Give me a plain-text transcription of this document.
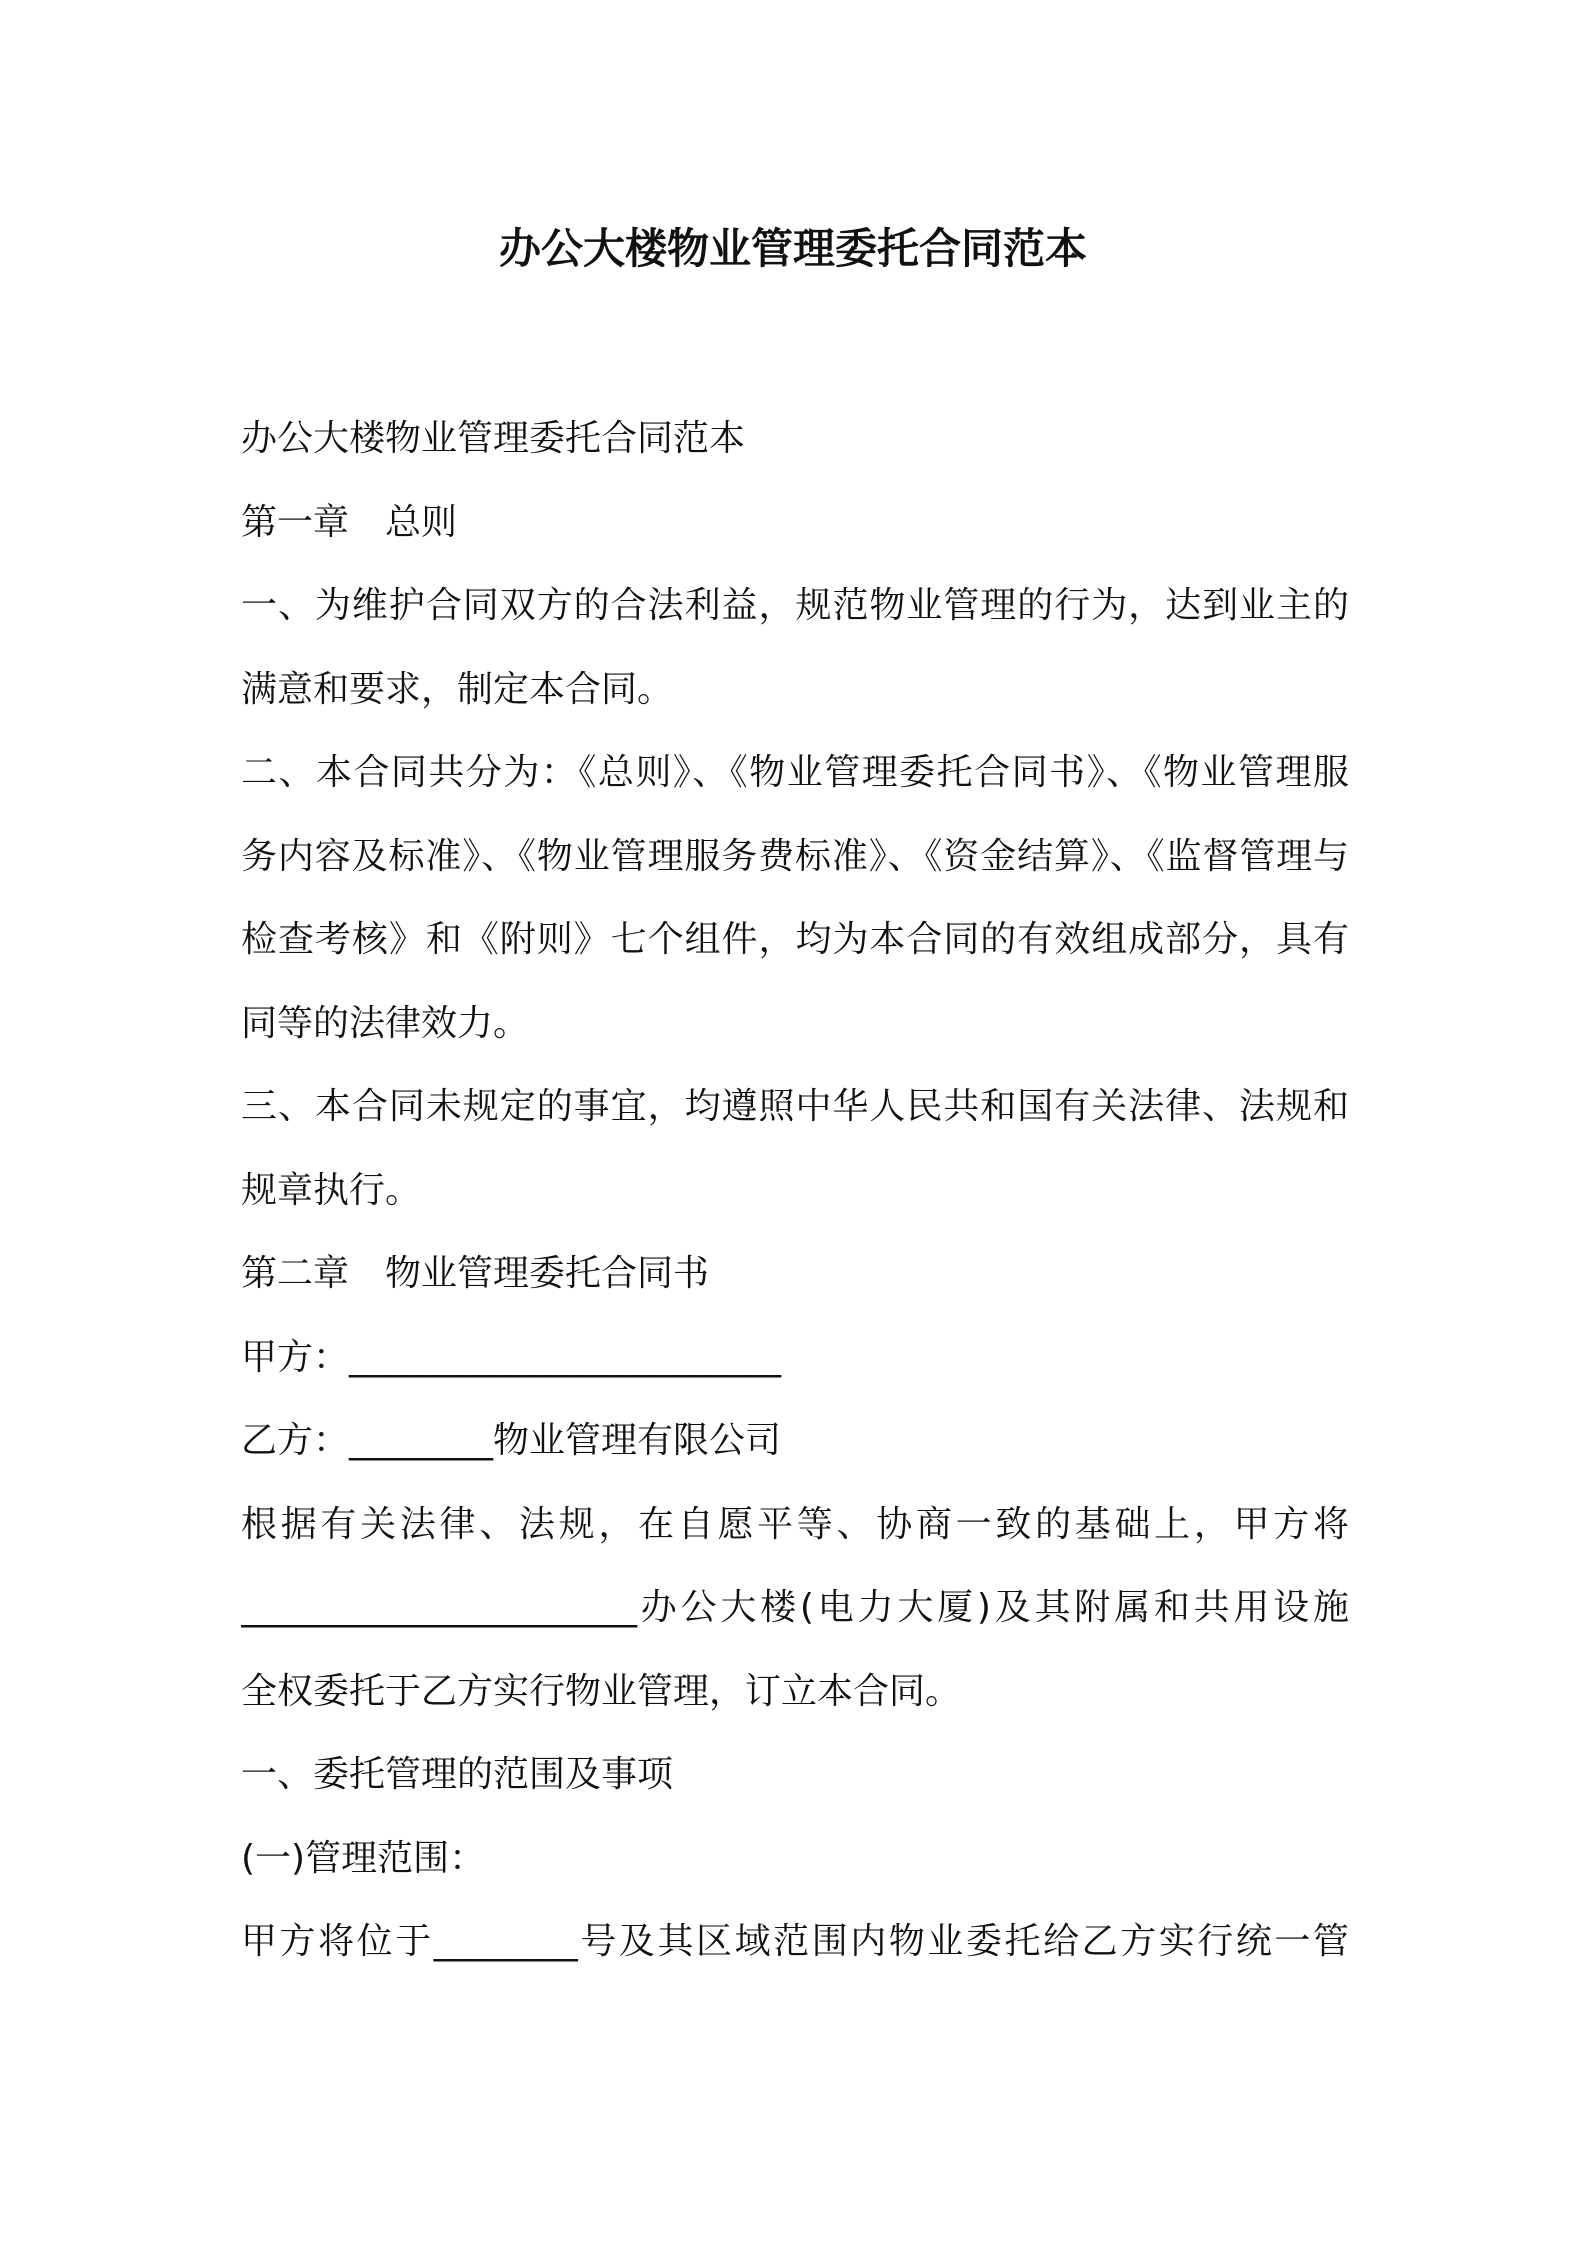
办公大楼物业管理委托合同范本
办公大楼物业管理委托合同范本
第一章　总则
一、为维护合同双方的合法利益，规范物业管理的行为，达到业主的
满意和要求，制定本合同。
二、本合同共分为：《总则》、《物业管理委托合同书》、《物业管理服
务内容及标准》、《物业管理服务费标准》、《资金结算》、《监督管理与
检查考核》和《附则》七个组件，均为本合同的有效组成部分，具有
同等的法律效力。
三、本合同未规定的事宜，均遵照中华人民共和国有关法律、法规和
规章执行。
第二章　物业管理委托合同书
甲方：________________________
乙方：________物业管理有限公司
根据有关法律、法规，在自愿平等、协商一致的基础上，甲方将
______________________办公大楼(电力大厦)及其附属和共用设施
全权委托于乙方实行物业管理，订立本合同。
一、委托管理的范围及事项
(一)管理范围：
甲方将位于________号及其区域范围内物业委托给乙方实行统一管
